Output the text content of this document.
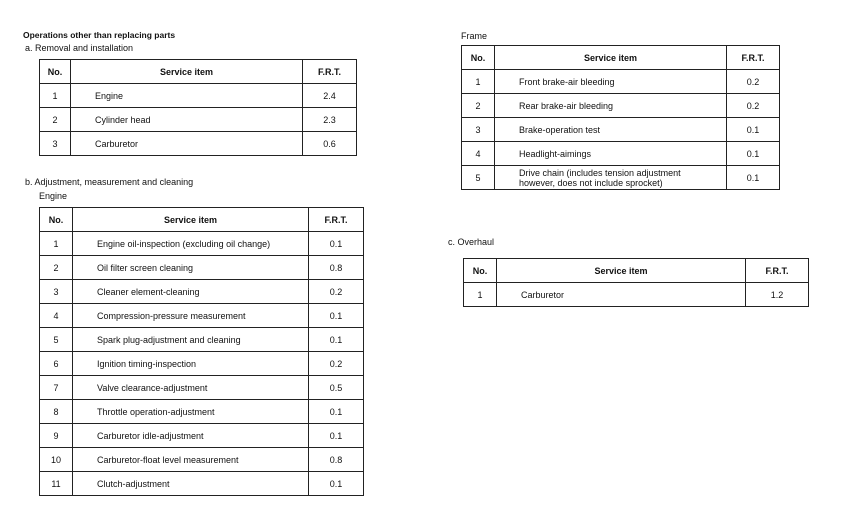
Operations other than replacing parts
a. Removal and installation
No.	Service item	F.R.T.
1	Engine	2.4
2	Cylinder head	2.3
3	Carburetor	0.6
b. Adjustment, measurement and cleaning
Engine
No.	Service item	F.R.T.
1	Engine oil-inspection (excluding oil change)	0.1
2	Oil filter screen cleaning	0.8
3	Cleaner element-cleaning	0.2
4	Compression-pressure measurement	0.1
5	Spark plug-adjustment and cleaning	0.1
6	Ignition timing-inspection	0.2
7	Valve clearance-adjustment	0.5
8	Throttle operation-adjustment	0.1
9	Carburetor idle-adjustment	0.1
10	Carburetor-float level measurement	0.8
11	Clutch-adjustment	0.1
Frame
No.	Service item	F.R.T.
1	Front brake-air bleeding	0.2
2	Rear brake-air bleeding	0.2
3	Brake-operation test	0.1
4	Headlight-aimings	0.1
5	Drive chain (includes tension adjustment however, does not include sprocket)	0.1
c. Overhaul
No.	Service item	F.R.T.
1	Carburetor	1.2
